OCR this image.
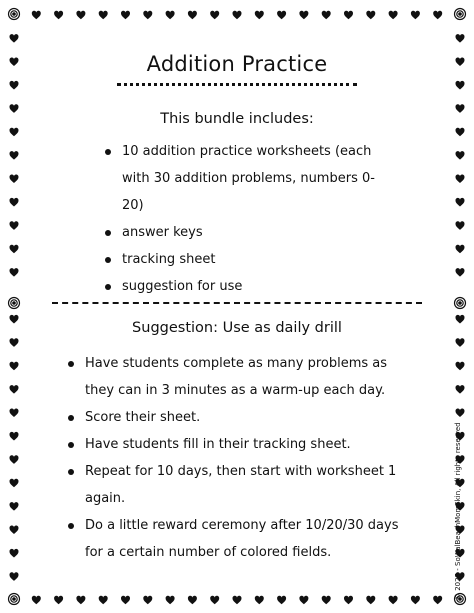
Addition Practice
This bundle includes:
10 addition practice worksheets (each with 30 addition problems, numbers 0-20)
answer keys
tracking sheet
suggestion for use
Suggestion: Use as daily drill
Have students complete as many problems as they can in 3 minutes as a warm-up each day.
Score their sheet.
Have students fill in their tracking sheet.
Repeat for 10 days, then start with worksheet 1 again.
Do a little reward ceremony after 10/20/30 days for a certain number of colored fields.	© 2025 - SoWalBeachMomSkin, All rights reserved
